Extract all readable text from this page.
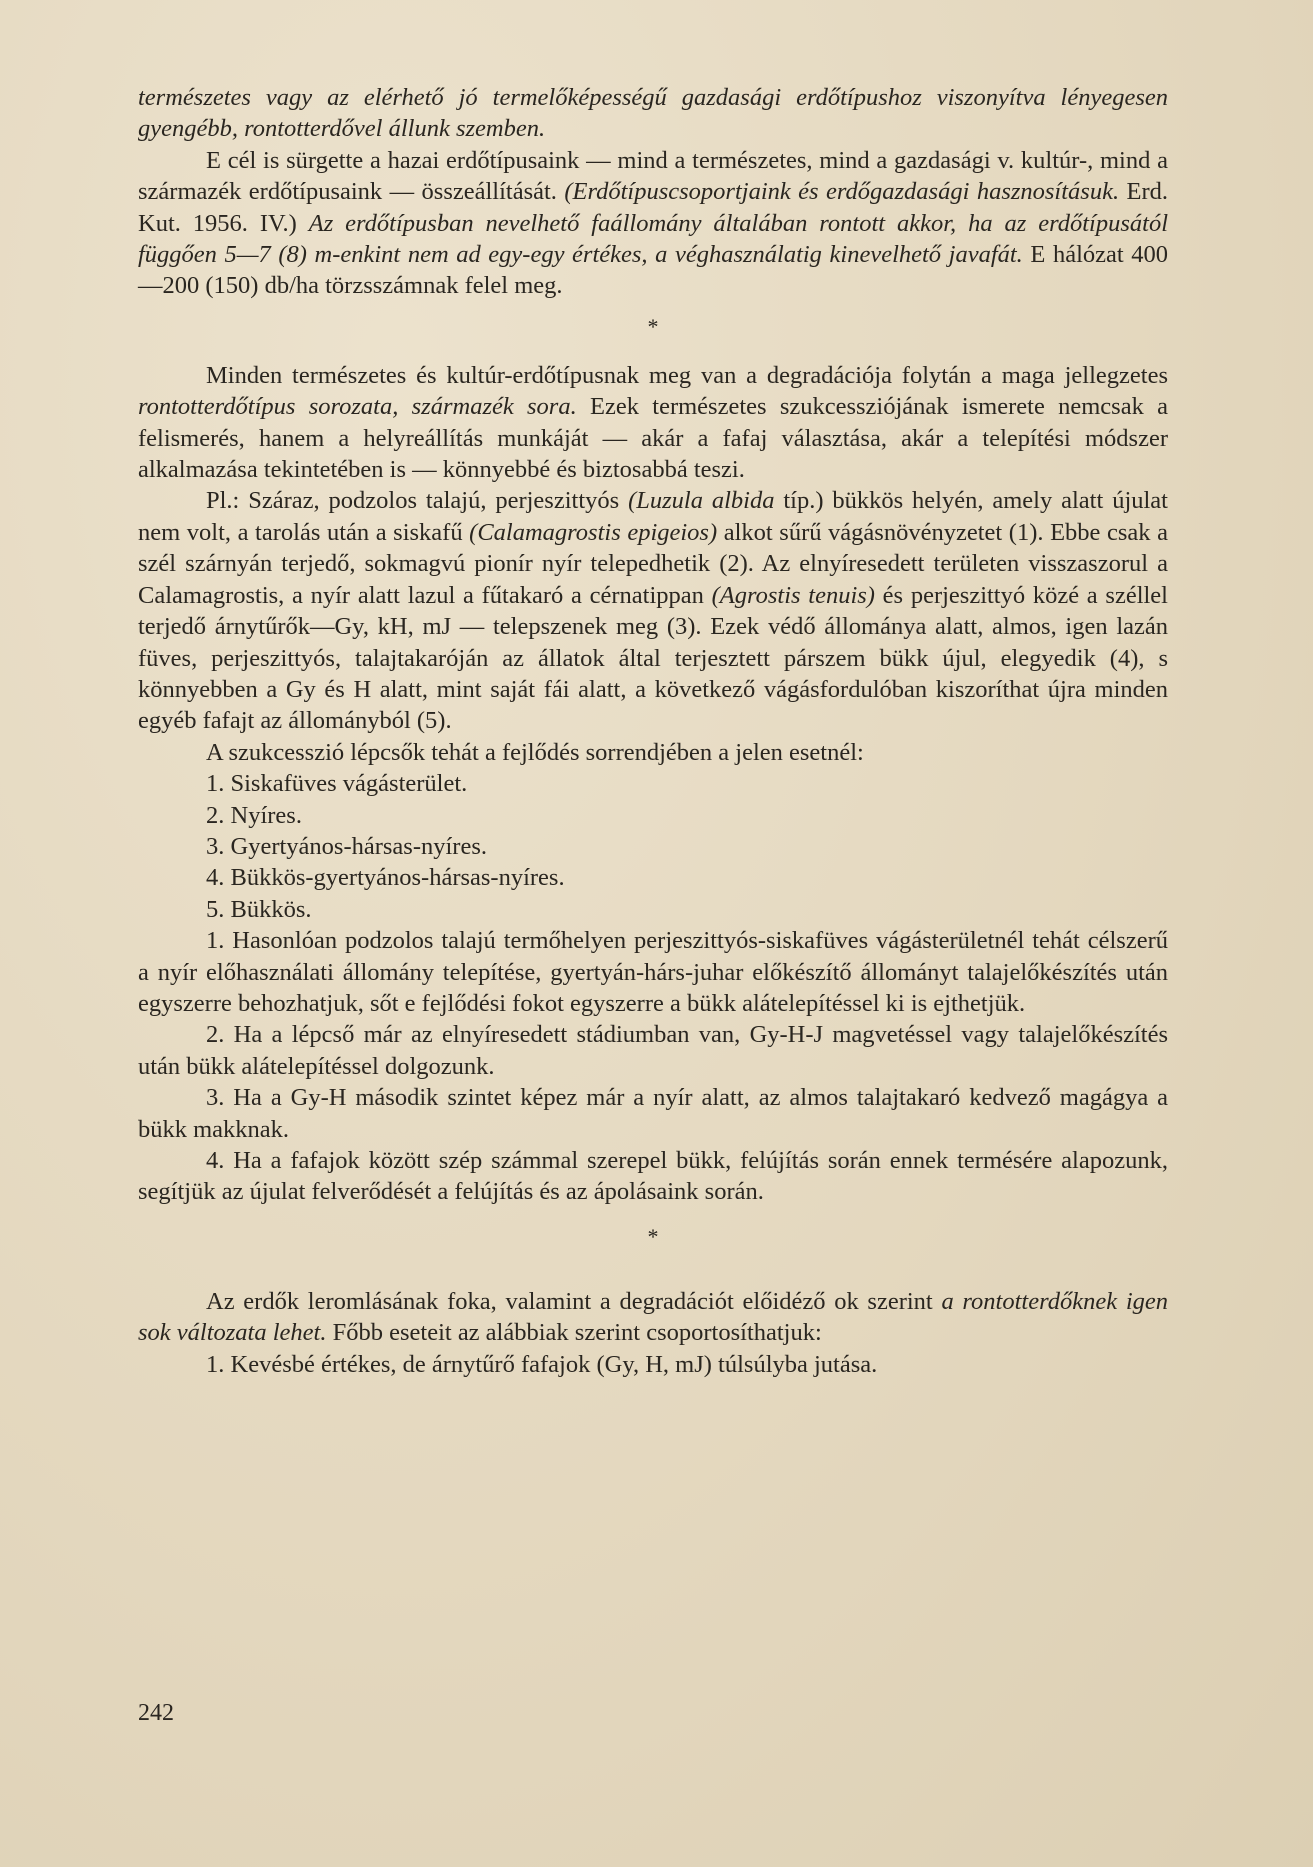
természetes vagy az elérhető jó termelőképességű gazdasági erdőtípushoz viszonyítva lényegesen gyengébb, rontotterdővel állunk szemben.

E cél is sürgette a hazai erdőtípusaink — mind a természetes, mind a gazdasági v. kultúr-, mind a származék erdőtípusaink — összeállítását. (Erdőtípuscsoportjaink és erdőgazdasági hasznosításuk. Erd. Kut. 1956. IV.) Az erdőtípusban nevelhető faállomány általában rontott akkor, ha az erdőtípusától függően 5—7 (8) m-enkint nem ad egy-egy értékes, a véghasználatig kinevelhető javafát. E hálózat 400—200 (150) db/ha törzsszámnak felel meg.

*

Minden természetes és kultúr-erdőtípusnak meg van a degradációja folytán a maga jellegzetes rontotterdőtípus sorozata, származék sora. Ezek természetes szukcessziójának ismerete nemcsak a felismerés, hanem a helyreállítás munkáját — akár a fafaj választása, akár a telepítési módszer alkalmazása tekintetében is — könnyebbé és biztosabbá teszi.

Pl.: Száraz, podzolos talajú, perjeszittyós (Luzula albida típ.) bükkös helyén, amely alatt újulat nem volt, a tarolás után a siskafű (Calamagrostis epigeios) alkot sűrű vágásnövényzetet (1). Ebbe csak a szél szárnyán terjedő, sokmagvú pionír nyír telepedhetik (2). Az elnyíresedett területen visszaszorul a Calamagrostis, a nyír alatt lazul a fűtakaró a cérnatippan (Agrostis tenuis) és perjeszittyó közé a széllel terjedő árnytűrők—Gy, kH, mJ — telepszenek meg (3). Ezek védő állománya alatt, almos, igen lazán füves, perjeszittyós, talajtakaróján az állatok által terjesztett párszem bükk újul, elegyedik (4), s könnyebben a Gy és H alatt, mint saját fái alatt, a következő vágásfordulóban kiszoríthat újra minden egyéb fafajt az állományból (5).

A szukcesszió lépcsők tehát a fejlődés sorrendjében a jelen esetnél:

1. Siskafüves vágásterület.

2. Nyíres.

3. Gyertyános-hársas-nyíres.

4. Bükkös-gyertyános-hársas-nyíres.

5. Bükkös.

1. Hasonlóan podzolos talajú termőhelyen perjeszittyós-siskafüves vágásterületnél tehát célszerű a nyír előhasználati állomány telepítése, gyertyán-hárs-juhar előkészítő állományt talajelőkészítés után egyszerre behozhatjuk, sőt e fejlődési fokot egyszerre a bükk alátelepítéssel ki is ejthetjük.

2. Ha a lépcső már az elnyíresedett stádiumban van, Gy-H-J magvetéssel vagy talajelőkészítés után bükk alátelepítéssel dolgozunk.

3. Ha a Gy-H második szintet képez már a nyír alatt, az almos talajtakaró kedvező magágya a bükk makknak.

4. Ha a fafajok között szép számmal szerepel bükk, felújítás során ennek termésére alapozunk, segítjük az újulat felverődését a felújítás és az ápolásaink során.

*

Az erdők leromlásának foka, valamint a degradációt előidéző ok szerint a rontotterdőknek igen sok változata lehet. Főbb eseteit az alábbiak szerint csoportosíthatjuk:

1. Kevésbé értékes, de árnytűrő fafajok (Gy, H, mJ) túlsúlyba jutása.

242
